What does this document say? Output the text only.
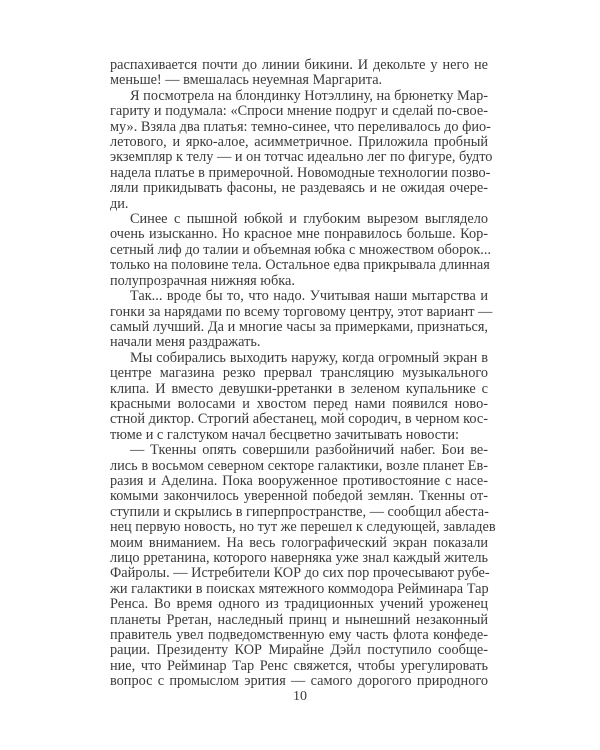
распахивается почти до линии бикини. И декольте у него не
меньше! — вмешалась неуемная Маргарита.
Я посмотрела на блондинку Нотэллину, на брюнетку Мар-
гариту и подумала: «Спроси мнение подруг и сделай по-свое-
му». Взяла два платья: темно-синее, что переливалось до фио-
летового, и ярко-алое, асимметричное. Приложила пробный
экземпляр к телу — и он тотчас идеально лег по фигуре, будто
надела платье в примерочной. Новомодные технологии позво-
ляли прикидывать фасоны, не раздеваясь и не ожидая очере-
ди.
Синее с пышной юбкой и глубоким вырезом выглядело
очень изысканно. Но красное мне понравилось больше. Кор-
сетный лиф до талии и объемная юбка с множеством оборок...
только на половине тела. Остальное едва прикрывала длинная
полупрозрачная нижняя юбка.
Так... вроде бы то, что надо. Учитывая наши мытарства и
гонки за нарядами по всему торговому центру, этот вариант —
самый лучший. Да и многие часы за примерками, признаться,
начали меня раздражать.
Мы собирались выходить наружу, когда огромный экран в
центре магазина резко прервал трансляцию музыкального
клипа. И вместо девушки-рретанки в зеленом купальнике с
красными волосами и хвостом перед нами появился ново-
стной диктор. Строгий абестанец, мой сородич, в черном кос-
тюме и с галстуком начал бесцветно зачитывать новости:
— Ткенны опять совершили разбойничий набег. Бои ве-
лись в восьмом северном секторе галактики, возле планет Ев-
разия и Аделина. Пока вооруженное противостояние с насе-
комыми закончилось уверенной победой землян. Ткенны от-
ступили и скрылись в гиперпространстве, — сообщил абеста-
нец первую новость, но тут же перешел к следующей, завладев
моим вниманием. На весь голографический экран показали
лицо рретанина, которого наверняка уже знал каждый житель
Файролы. — Истребители КОР до сих пор прочесывают рубе-
жи галактики в поисках мятежного коммодора Рейминара Тар
Ренса. Во время одного из традиционных учений уроженец
планеты Рретан, наследный принц и нынешний незаконный
правитель увел подведомственную ему часть флота конфеде-
рации. Президенту КОР Мирайне Дэйл поступило сообще-
ние, что Рейминар Тар Ренс свяжется, чтобы урегулировать
вопрос с промыслом эрития — самого дорогого природного
10
